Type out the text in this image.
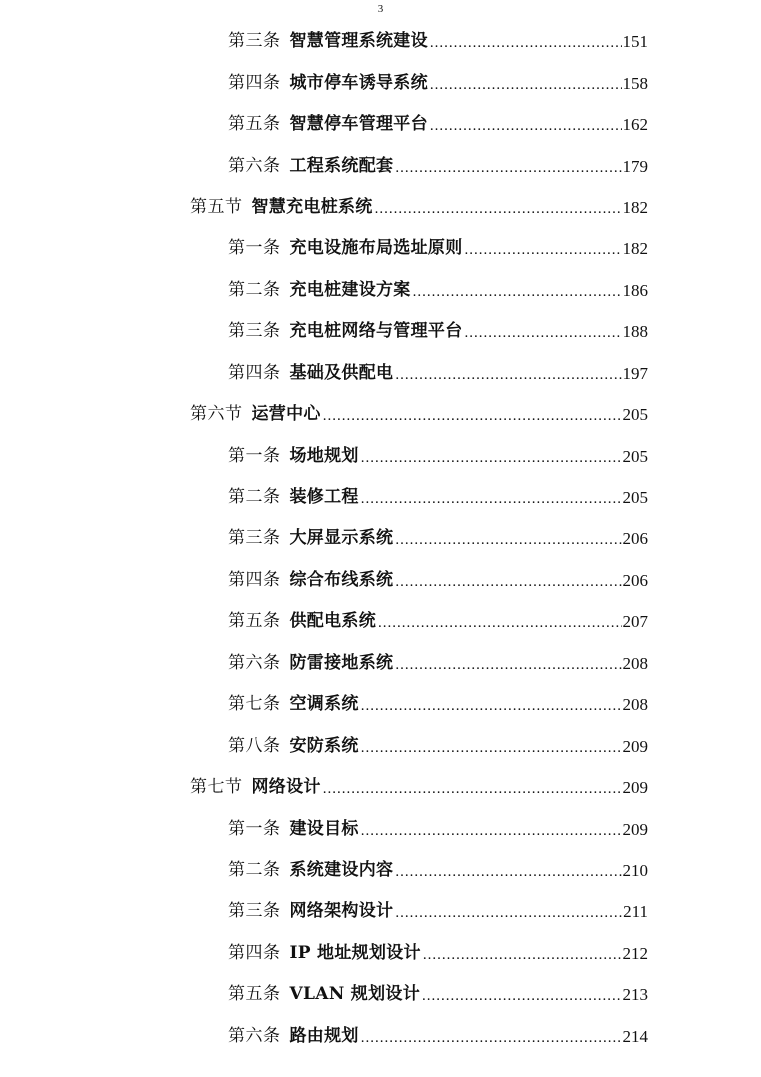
3
第三条 智慧管理系统建设 .....	151
第四条 城市停车诱导系统 .....	158
第五条 智慧停车管理平台 .....	162
第六条 工程系统配套 .....	179
第五节 智慧充电桩系统 .....	182
第一条 充电设施布局选址原则 .....	182
第二条 充电桩建设方案 .....	186
第三条 充电桩网络与管理平台 .....	188
第四条 基础及供配电 .....	197
第六节 运营中心 .....	205
第一条 场地规划 .....	205
第二条 装修工程 .....	205
第三条 大屏显示系统 .....	206
第四条 综合布线系统 .....	206
第五条 供配电系统 .....	207
第六条 防雷接地系统 .....	208
第七条 空调系统 .....	208
第八条 安防系统 .....	209
第七节 网络设计 .....	209
第一条 建设目标 .....	209
第二条 系统建设内容 .....	210
第三条 网络架构设计 .....	211
第四条 IP 地址规划设计 .....	212
第五条 VLAN 规划设计 .....	213
第六条 路由规划 .....	214
